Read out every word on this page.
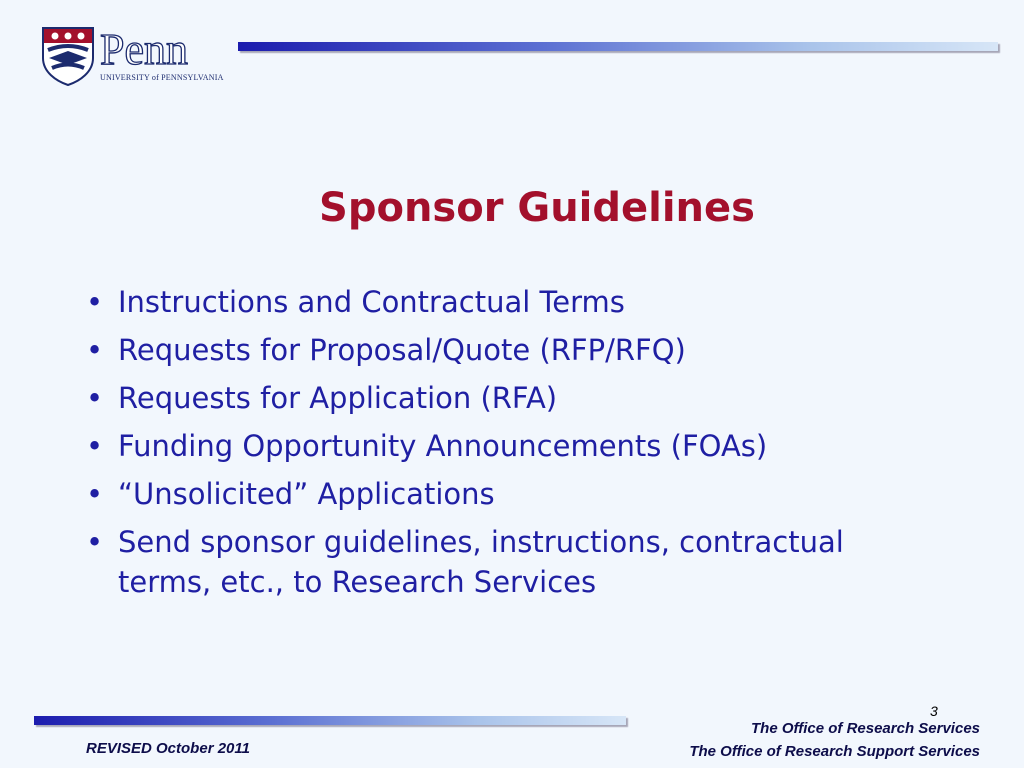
Penn
UNIVERSITY of PENNSYLVANIA
Sponsor Guidelines
• Instructions and Contractual Terms
• Requests for Proposal/Quote (RFP/RFQ)
• Requests for Application (RFA)
• Funding Opportunity Announcements (FOAs)
• “Unsolicited” Applications
• Send sponsor guidelines, instructions, contractual terms, etc., to Research Services
3
The Office of Research Services
The Office of Research Support Services
REVISED October 2011
